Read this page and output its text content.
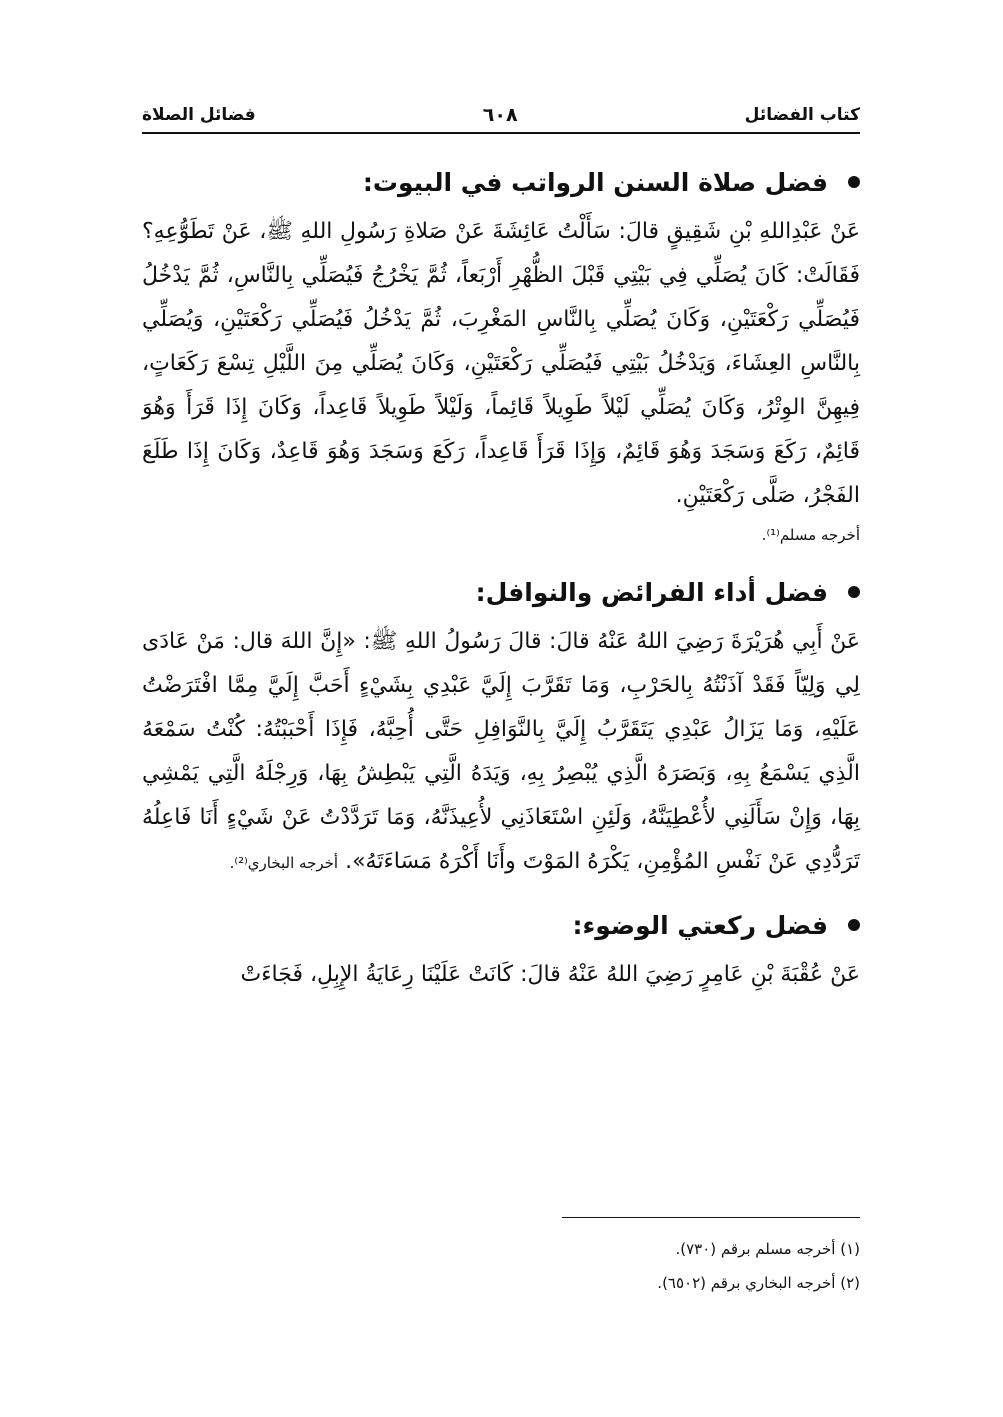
كتاب الفضائل
٦٠٨
فضائل الصلاة
فضل صلاة السنن الرواتب في البيوت:

عَنْ عَبْدِاللهِ بْنِ شَقِيقٍ قالَ: سَأَلْتُ عَائِشَةَ عَنْ صَلاةِ رَسُولِ اللهِ ﷺ، عَنْ تَطَوُّعِهِ؟ فَقَالَتْ: كَانَ يُصَلِّي فِي بَيْتِي قَبْلَ الظُّهْرِ أَرْبَعاً، ثُمَّ يَخْرُجُ فَيُصَلِّي بِالنَّاسِ، ثُمَّ يَدْخُلُ فَيُصَلِّي رَكْعَتَيْنِ، وَكَانَ يُصَلِّي بِالنَّاسِ المَغْرِبَ، ثُمَّ يَدْخُلُ فَيُصَلِّي رَكْعَتَيْنِ، وَيُصَلِّي بِالنَّاسِ العِشَاءَ، وَيَدْخُلُ بَيْتِي فَيُصَلِّي رَكْعَتَيْنِ، وَكَانَ يُصَلِّي مِنَ اللَّيْلِ تِسْعَ رَكَعَاتٍ، فِيهِنَّ الوِتْرُ، وَكَانَ يُصَلِّي لَيْلاً طَوِيلاً قَائِماً، وَلَيْلاً طَوِيلاً قَاعِداً، وَكَانَ إِذَا قَرَأَ وَهُوَ قَائِمٌ، رَكَعَ وَسَجَدَ وَهُوَ قَائِمٌ، وَإِذَا قَرَأَ قَاعِداً، رَكَعَ وَسَجَدَ وَهُوَ قَاعِدٌ، وَكَانَ إِذَا طَلَعَ الفَجْرُ، صَلَّى رَكْعَتَيْنِ.

أخرجه مسلم⁽¹⁾.

فضل أداء الفرائض والنوافل:

عَنْ أَبِي هُرَيْرَةَ رَضِيَ اللهُ عَنْهُ قالَ: قالَ رَسُولُ اللهِ ﷺ: «إِنَّ اللهَ قال: مَنْ عَادَى لِي وَلِيّاً فَقَدْ آذَنْتُهُ بِالحَرْبِ، وَمَا تَقَرَّبَ إِلَيَّ عَبْدِي بِشَيْءٍ أَحَبَّ إِلَيَّ مِمَّا افْتَرَضْتُ عَلَيْهِ، وَمَا يَزَالُ عَبْدِي يَتَقَرَّبُ إِلَيَّ بِالنَّوَافِلِ حَتَّى أُحِبَّهُ، فَإِذَا أَحْبَبْتُهُ: كُنْتُ سَمْعَهُ الَّذِي يَسْمَعُ بِهِ، وَبَصَرَهُ الَّذِي يُبْصِرُ بِهِ، وَيَدَهُ الَّتِي يَبْطِشُ بِهَا، وَرِجْلَهُ الَّتِي يَمْشِي بِهَا، وَإِنْ سَأَلَنِي لأُعْطِيَنَّهُ، وَلَئِنِ اسْتَعَاذَنِي لأُعِيذَنَّهُ، وَمَا تَرَدَّدْتُ عَنْ شَيْءٍ أَنَا فَاعِلُهُ تَرَدُّدِي عَنْ نَفْسِ المُؤْمِنِ، يَكْرَهُ المَوْتَ وأَنَا أَكْرَهُ مَسَاءَتَهُ». أخرجه البخاري⁽²⁾.

فضل ركعتي الوضوء:

عَنْ عُقْبَةَ بْنِ عَامِرٍ رَضِيَ اللهُ عَنْهُ قالَ: كَانَتْ عَلَيْنَا رِعَايَةُ الإِبِلِ، فَجَاءَتْ

(١) أخرجه مسلم برقم (٧٣٠).

(٢) أخرجه البخاري برقم (٦٥٠٢).
